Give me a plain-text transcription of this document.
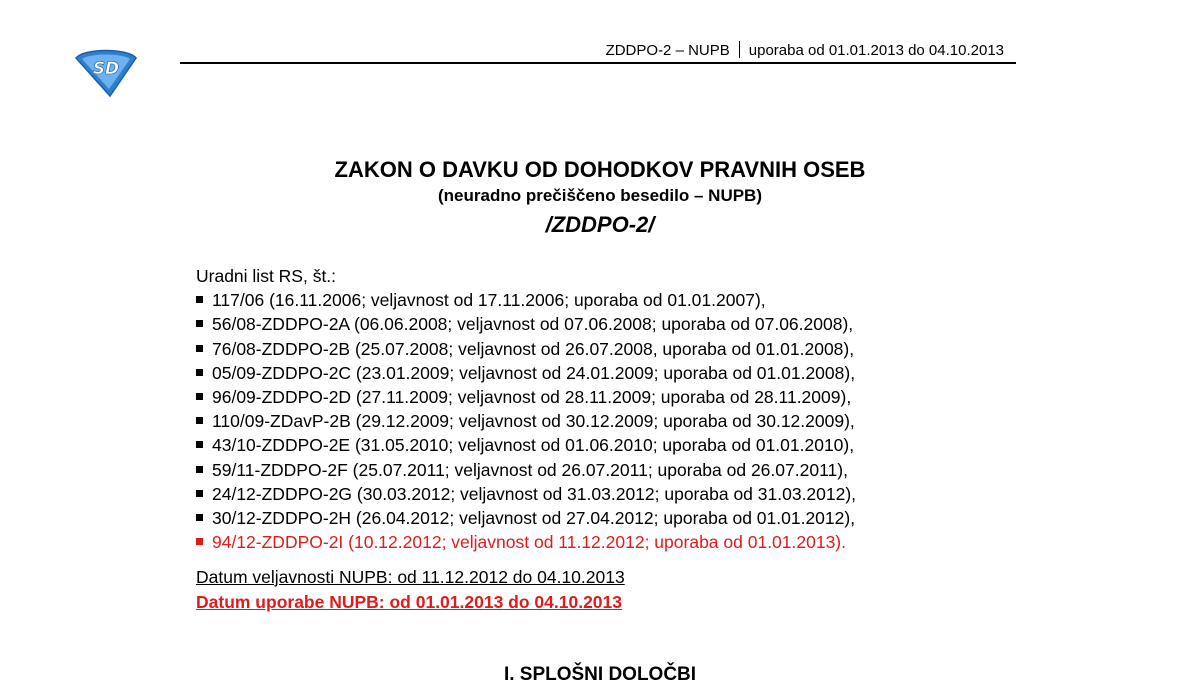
SD
ZDDPO-2 – NUPB uporaba od 01.01.2013 do 04.10.2013
ZAKON O DAVKU OD DOHODKOV PRAVNIH OSEB
(neuradno prečiščeno besedilo – NUPB)
/ZDDPO-2/
Uradni list RS, št.:
117/06 (16.11.2006; veljavnost od 17.11.2006; uporaba od 01.01.2007),
56/08-ZDDPO-2A (06.06.2008; veljavnost od 07.06.2008; uporaba od 07.06.2008),
76/08-ZDDPO-2B (25.07.2008; veljavnost od 26.07.2008, uporaba od 01.01.2008),
05/09-ZDDPO-2C (23.01.2009; veljavnost od 24.01.2009; uporaba od 01.01.2008),
96/09-ZDDPO-2D (27.11.2009; veljavnost od 28.11.2009; uporaba od 28.11.2009),
110/09-ZDavP-2B (29.12.2009; veljavnost od 30.12.2009; uporaba od 30.12.2009),
43/10-ZDDPO-2E (31.05.2010; veljavnost od 01.06.2010; uporaba od 01.01.2010),
59/11-ZDDPO-2F (25.07.2011; veljavnost od 26.07.2011; uporaba od 26.07.2011),
24/12-ZDDPO-2G (30.03.2012; veljavnost od 31.03.2012; uporaba od 31.03.2012),
30/12-ZDDPO-2H (26.04.2012; veljavnost od 27.04.2012; uporaba od 01.01.2012),
94/12-ZDDPO-2I (10.12.2012; veljavnost od 11.12.2012; uporaba od 01.01.2013).
Datum veljavnosti NUPB: od 11.12.2012 do 04.10.2013
Datum uporabe NUPB: od 01.01.2013 do 04.10.2013
I. SPLOŠNI DOLOČBI
